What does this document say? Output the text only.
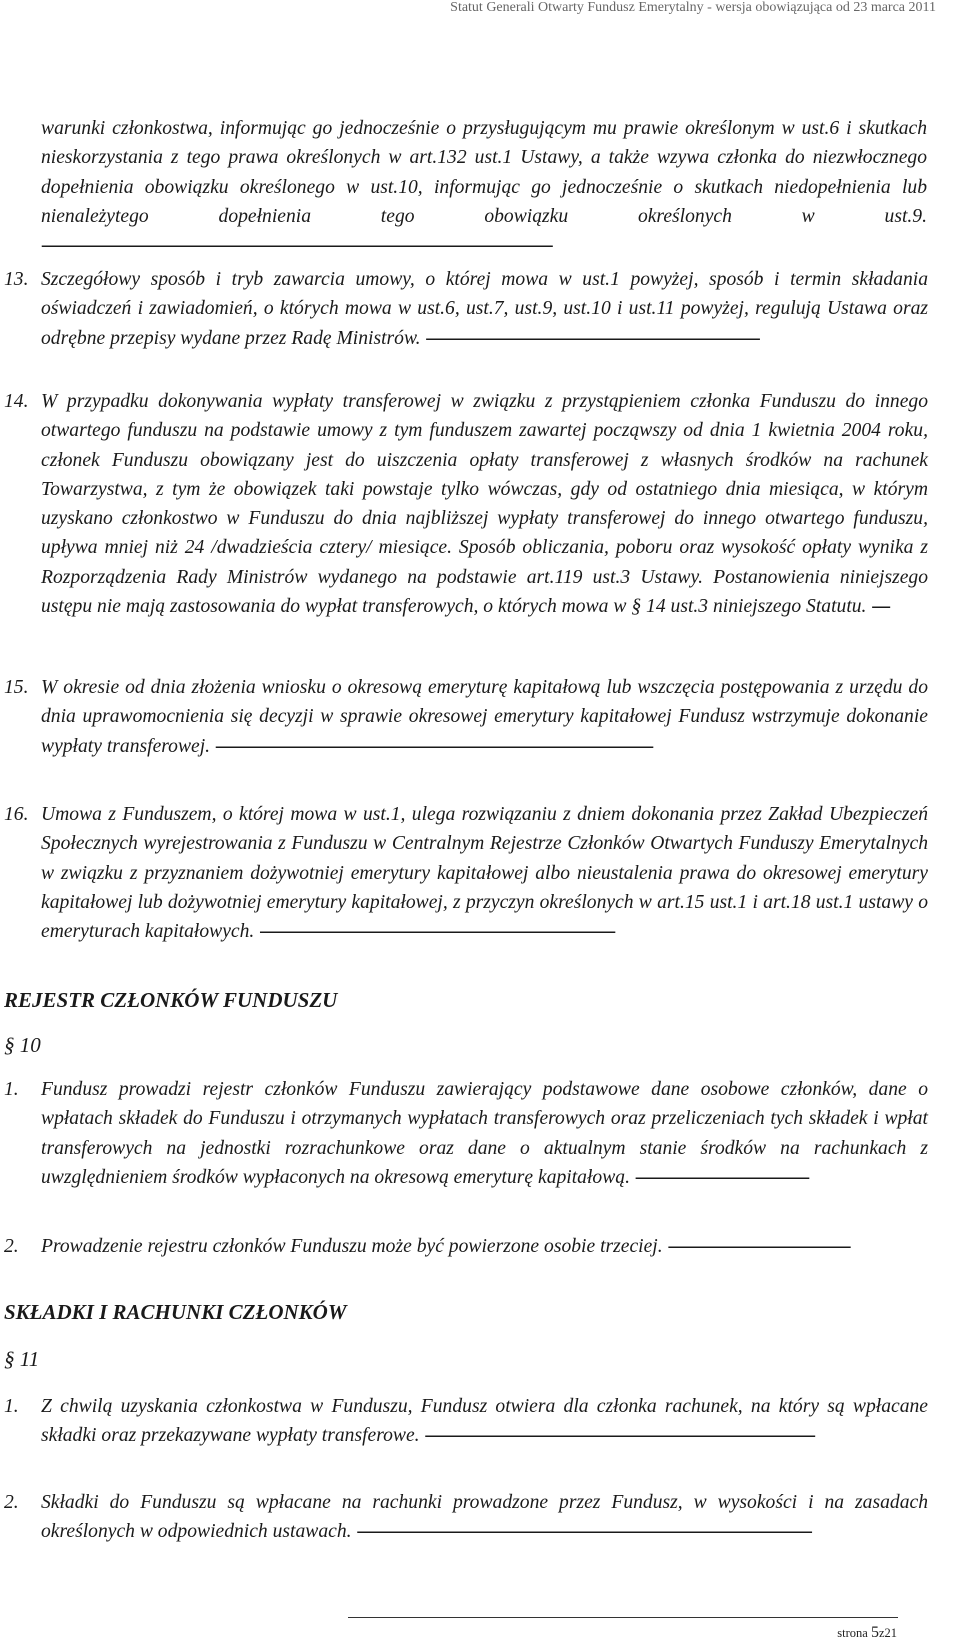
Statut Generali Otwarty Fundusz Emerytalny - wersja obowiązująca od 23 marca 2011
warunki członkostwa, informując go jednocześnie o przysługującym mu prawie określonym w ust.6 i skutkach nieskorzystania z tego prawa określonych w art.132 ust.1 Ustawy, a także wzywa członka do niezwłocznego dopełnienia obowiązku określonego w ust.10, informując go jednocześnie o skutkach niedopełnienia lub nienależytego dopełnienia tego obowiązku określonych w ust.9. ----------------------------------------------------------------------------------------------------------------------
13. Szczegółowy sposób i tryb zawarcia umowy, o której mowa w ust.1 powyżej, sposób i termin składania oświadczeń i zawiadomień, o których mowa w ust.6, ust.7, ust.9, ust.10 i ust.11 powyżej, regulują Ustawa oraz odrębne przepisy wydane przez Radę Ministrów. -----------------------------------------------------------------------------
14. W przypadku dokonywania wypłaty transferowej w związku z przystąpieniem członka Funduszu do innego otwartego funduszu na podstawie umowy z tym funduszem zawartej począwszy od dnia 1 kwietnia 2004 roku, członek Funduszu obowiązany jest do uiszczenia opłaty transferowej z własnych środków na rachunek Towarzystwa, z tym że obowiązek taki powstaje tylko wówczas, gdy od ostatniego dnia miesiąca, w którym uzyskano członkostwo w Funduszu do dnia najbliższej wypłaty transferowej do innego otwartego funduszu, upływa mniej niż 24 /dwadzieścia cztery/ miesiące. Sposób obliczania, poboru oraz wysokość opłaty wynika z Rozporządzenia Rady Ministrów wydanego na podstawie art.119 ust.3 Ustawy. Postanowienia niniejszego ustępu nie mają zastosowania do wypłat transferowych, o których mowa w § 14 ust.3 niniejszego Statutu. ----
15. W okresie od dnia złożenia wniosku o okresową emeryturę kapitałową lub wszczęcia postępowania z urzędu do dnia uprawomocnienia się decyzji w sprawie okresowej emerytury kapitałowej Fundusz wstrzymuje dokonanie wypłaty transferowej. -----------------------------------------------------------------------------------------------------
16. Umowa z Funduszem, o której mowa w ust.1, ulega rozwiązaniu z dniem dokonania przez Zakład Ubezpieczeń Społecznych wyrejestrowania z Funduszu w Centralnym Rejestrze Członków Otwartych Funduszy Emerytalnych w związku z przyznaniem dożywotniej emerytury kapitałowej albo nieustalenia prawa do okresowej emerytury kapitałowej lub dożywotniej emerytury kapitałowej, z przyczyn określonych w art.15 ust.1 i art.18 ust.1 ustawy o emeryturach kapitałowych. ----------------------------------------------------------------------------------
REJESTR CZŁONKÓW FUNDUSZU
§ 10
1. Fundusz prowadzi rejestr członków Funduszu zawierający podstawowe dane osobowe członków, dane o wpłatach składek do Funduszu i otrzymanych wypłatach transferowych oraz przeliczeniach tych składek i wpłat transferowych na jednostki rozrachunkowe oraz dane o aktualnym stanie środków na rachunkach z uwzględnieniem środków wypłaconych na okresową emeryturę kapitałową. ----------------------------------------
2. Prowadzenie rejestru członków Funduszu może być powierzone osobie trzeciej. ------------------------------------------
SKŁADKI I RACHUNKI CZŁONKÓW
§ 11
1. Z chwilą uzyskania członkostwa w Funduszu, Fundusz otwiera dla członka rachunek, na który są wpłacane składki oraz przekazywane wypłaty transferowe. ------------------------------------------------------------------------------------------
2. Składki do Funduszu są wpłacane na rachunki prowadzone przez Fundusz, w wysokości i na zasadach określonych w odpowiednich ustawach. ---------------------------------------------------------------------------------------------------------
strona 5z21
